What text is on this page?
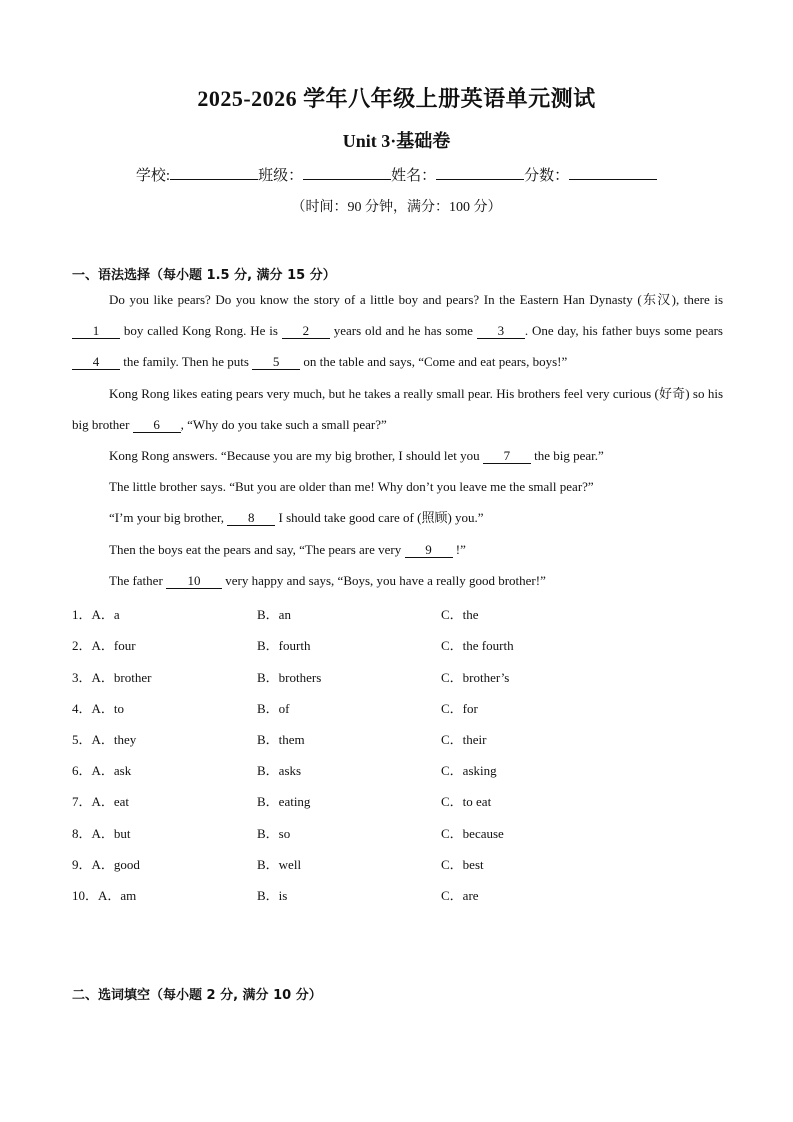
2025-2026 学年八年级上册英语单元测试
Unit 3·基础卷
学校:	班级：	姓名：	分数：
（时间：90 分钟，满分：100 分）
一、语法选择（每小题 1.5 分, 满分 15 分）
Do you like pears? Do you know the story of a little boy and pears? In the Eastern Han Dynasty (东汉), there is 1 boy called Kong Rong. He is 2 years old and he has some 3 . One day, his father buys some pears 4 the family. Then he puts 5 on the table and says, “Come and eat pears, boys!”
Kong Rong likes eating pears very much, but he takes a really small pear. His brothers feel very curious (好奇) so his big brother 6 , “Why do you take such a small pear?”
Kong Rong answers. “Because you are my big brother, I should let you 7 the big pear.”
The little brother says. “But you are older than me! Why don’t you leave me the small pear?”
“I’m your big brother, 8 I should take good care of (照顾) you.”
Then the boys eat the pears and say, “The pears are very 9 !”
The father 10 very happy and says, “Boys, you have a really good brother!”
1．A．a	B．an	C．the
2．A．four	B．fourth	C．the fourth
3．A．brother	B．brothers	C．brother’s
4．A．to	B．of	C．for
5．A．they	B．them	C．their
6．A．ask	B．asks	C．asking
7．A．eat	B．eating	C．to eat
8．A．but	B．so	C．because
9．A．good	B．well	C．best
10．A．am	B．is	C．are
二、选词填空（每小题 2 分, 满分 10 分）
